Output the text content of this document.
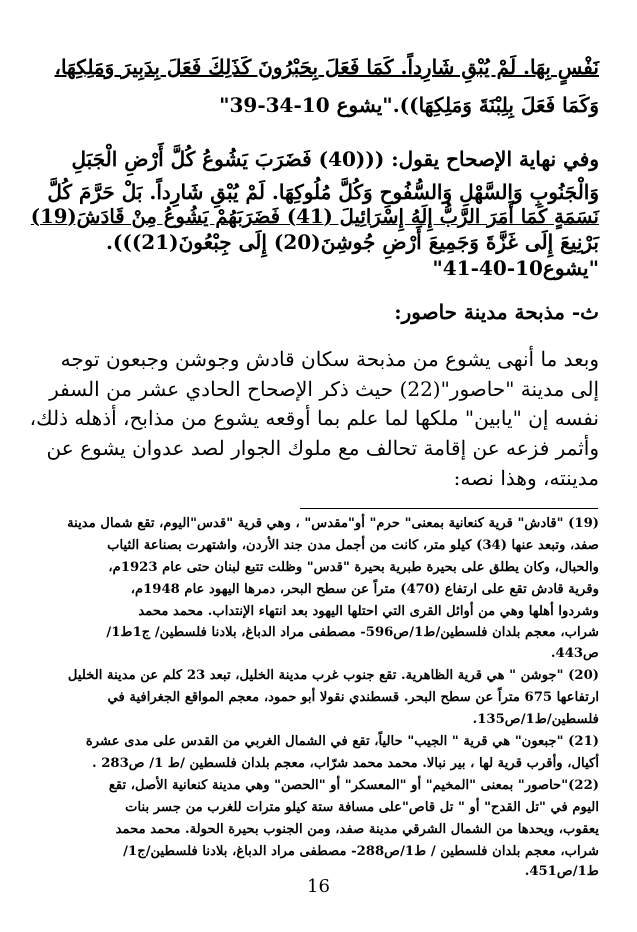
نَفْسٍ بِهَا. لَمْ يُبْقِ شَارِداً. كَمَا فَعَلَ بِحَبْرُونَ كَذَلِكَ فَعَلَ بِدَبِيرَ وَمَلِكِهَا،
وَكَمَا فَعَلَ بِلِبْنَةَ وَمَلِكِهَا))."يشوع 10-34-39"
وفي نهاية الإصحاح يقول: (((40) فَضَرَبَ يَشُوعُ كُلَّ أَرْضِ الْجَبَلِ
وَالْجَنُوبِ وَالسَّهْلِ وَالسُّفُوحِ وَكُلَّ مُلُوكِهَا. لَمْ يُبْقِ شَارِداً. بَلْ حَرَّمَ كُلَّ
نَسَمَةٍ كَمَا أَمَرَ الرَّبُّ إِلَهُ إِسْرَائِيلَ (41) فَضَرَبَهُمْ يَشُوعُ مِنْ قَادَشَ(19)
بَرْنِيعَ إِلَى غَزَّةَ وَجَمِيعَ أَرْضِ جُوشِنَ(20) إِلَى جِبْعُونَ(21))).
"يشوع10-40-41"
ث- مذبحة مدينة حاصور:
وبعد ما أنهى يشوع من مذبحة سكان قادش وجوشن وجبعون توجه
إلى مدينة "حاصور"(22) حيث ذكر الإصحاح الحادي عشر من السفر
نفسه إن "يابين" ملكها لما علم بما أوقعه يشوع من مذابح، أذهله ذلك،
وأثمر فزعه عن إقامة تحالف مع ملوك الجوار لصد عدوان يشوع عن
مدينته، وهذا نصه:
(19) "قادش" قرية كنعانية بمعنى" حرم" أو"مقدس" ، وهي قرية "قدس"اليوم، تقع شمال مدينة
صفد، وتبعد عنها (34) كيلو متر، كانت من أجمل مدن جند الأردن، واشتهرت بصناعة الثياب
والحبال، وكان يطلق على بحيرة طبرية بحيرة "قدس" وظلت تتبع لبنان حتى عام 1923م،
وقرية قادش تقع على ارتفاع (470) متراً عن سطح البحر، دمرها اليهود عام 1948م،
وشردوا أهلها وهي من أوائل القرى التي احتلها اليهود بعد انتهاء الإنتداب. محمد محمد
شراب، معجم بلدان فلسطين/ط1/ص596- مصطفى مراد الدباغ، بلادنا فلسطين/ ج1ط1/
ص443.
(20) "جوشن " هي قرية الظاهرية. تقع جنوب غرب مدينة الخليل، تبعد 23 كلم عن مدينة الخليل
ارتفاعها 675 متراً عن سطح البحر. قسطندي نقولا أبو حمود، معجم المواقع الجغرافية في
فلسطين/ط1/ص135.
(21) "جبعون" هي قرية " الجيب" حالياً، تقع في الشمال الغربي من القدس على مدى عشرة
أكيال، وأقرب قرية لها ، بير نبالا. محمد محمد شرّاب، معجم بلدان فلسطين /ط 1/ ص283 .
(22)"حاصور" بمعنى "المخيم" أو "المعسكر" أو "الحصن" وهي مدينة كنعانية الأصل، تقع
اليوم في "تل القدح" أو " تل قاص"على مسافة ستة كيلو مترات للغرب من جسر بنات
يعقوب، ويحدها من الشمال الشرقي مدينة صفد، ومن الجنوب بحيرة الحولة. محمد محمد
شراب، معجم بلدان فلسطين / ط1/ص288- مصطفى مراد الدباغ، بلادنا فلسطين/ج1/
ط1/ص451.
16
